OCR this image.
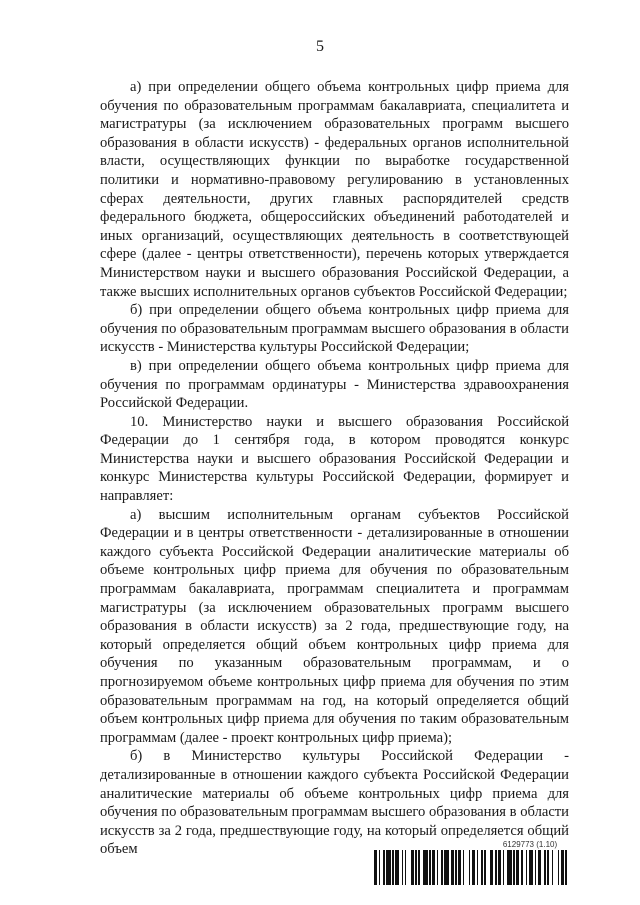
5

а) при определении общего объема контрольных цифр приема для обучения по образовательным программам бакалавриата, специалитета и магистратуры (за исключением образовательных программ высшего образования в области искусств) - федеральных органов исполнительной власти, осуществляющих функции по выработке государственной политики и нормативно-правовому регулированию в установленных сферах деятельности, других главных распорядителей средств федерального бюджета, общероссийских объединений работодателей и иных организаций, осуществляющих деятельность в соответствующей сфере (далее - центры ответственности), перечень которых утверждается Министерством науки и высшего образования Российской Федерации, а также высших исполнительных органов субъектов Российской Федерации;

б) при определении общего объема контрольных цифр приема для обучения по образовательным программам высшего образования в области искусств - Министерства культуры Российской Федерации;

в) при определении общего объема контрольных цифр приема для обучения по программам ординатуры - Министерства здравоохранения Российской Федерации.

10. Министерство науки и высшего образования Российской Федерации до 1 сентября года, в котором проводятся конкурс Министерства науки и высшего образования Российской Федерации и конкурс Министерства культуры Российской Федерации, формирует и направляет:

а) высшим исполнительным органам субъектов Российской Федерации и в центры ответственности - детализированные в отношении каждого субъекта Российской Федерации аналитические материалы об объеме контрольных цифр приема для обучения по образовательным программам бакалавриата, программам специалитета и программам магистратуры (за исключением образовательных программ высшего образования в области искусств) за 2 года, предшествующие году, на который определяется общий объем контрольных цифр приема для обучения по указанным образовательным программам, и о прогнозируемом объеме контрольных цифр приема для обучения по этим образовательным программам на год, на который определяется общий объем контрольных цифр приема для обучения по таким образовательным программам (далее - проект контрольных цифр приема);

б) в Министерство культуры Российской Федерации - детализированные в отношении каждого субъекта Российской Федерации аналитические материалы об объеме контрольных цифр приема для обучения по образовательным программам высшего образования в области искусств за 2 года, предшествующие году, на который определяется общий объем	6129773 (1.10)
